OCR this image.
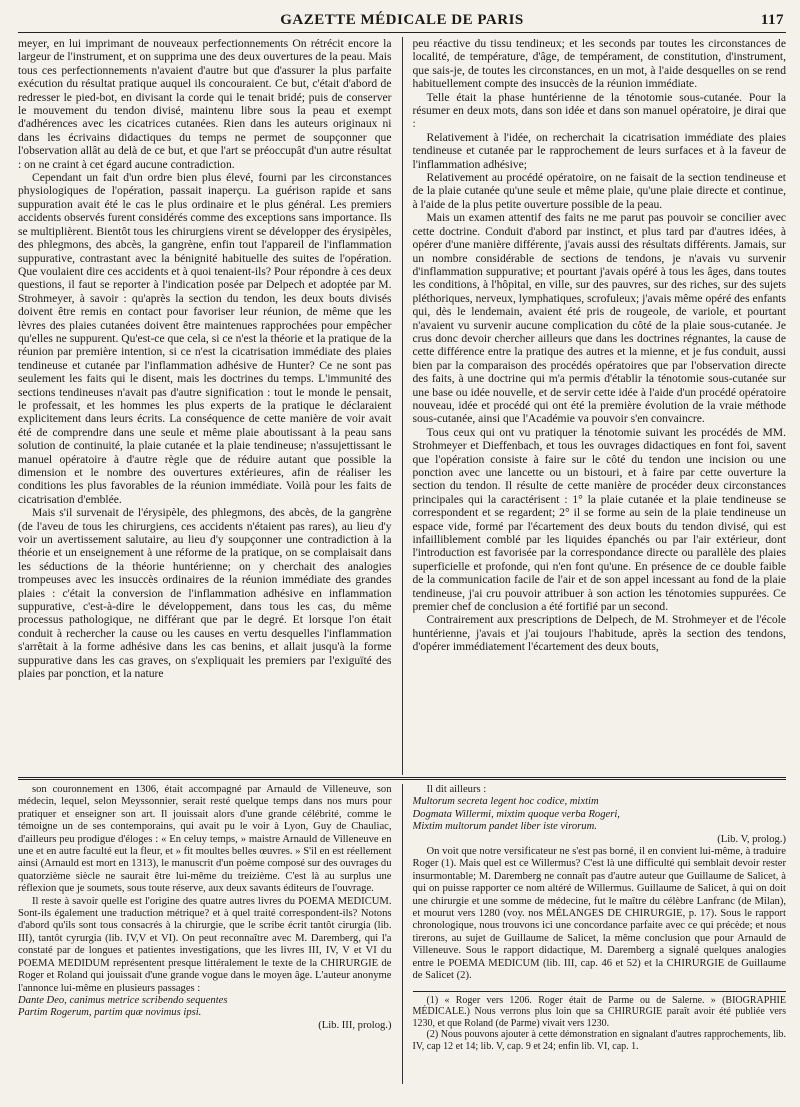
GAZETTE MÉDICALE DE PARIS	117

meyer, en lui imprimant de nouveaux perfectionnements On rétrécit encore la largeur de l'instrument, et on supprima une des deux ouvertures de la peau. Mais tous ces perfectionnements n'avaient d'autre but que d'assurer la plus parfaite exécution du résultat pratique auquel ils concouraient. Ce but, c'était d'abord de redresser le pied-bot, en divisant la corde qui le tenait bridé; puis de conserver le mouvement du tendon divisé, maintenu libre sous la peau et exempt d'adhérences avec les cicatrices cutanées. Rien dans les auteurs originaux ni dans les écrivains didactiques du temps ne permet de soupçonner que l'observation allât au delà de ce but, et que l'art se préoccupât d'un autre résultat : on ne craint à cet égard aucune contradiction.

Cependant un fait d'un ordre bien plus élevé, fourni par les circonstances physiologiques de l'opération, passait inaperçu. La guérison rapide et sans suppuration avait été le cas le plus ordinaire et le plus général. Les premiers accidents observés furent considérés comme des exceptions sans importance. Ils se multiplièrent. Bientôt tous les chirurgiens virent se développer des érysipèles, des phlegmons, des abcès, la gangrène, enfin tout l'appareil de l'inflammation suppurative, contrastant avec la bénignité habituelle des suites de l'opération. Que voulaient dire ces accidents et à quoi tenaient-ils? Pour répondre à ces deux questions, il faut se reporter à l'indication posée par Delpech et adoptée par M. Strohmeyer, à savoir : qu'après la section du tendon, les deux bouts divisés doivent être remis en contact pour favoriser leur réunion, de même que les lèvres des plaies cutanées doivent être maintenues rapprochées pour empêcher qu'elles ne suppurent. Qu'est-ce que cela, si ce n'est la théorie et la pratique de la réunion par première intention, si ce n'est la cicatrisation immédiate des plaies tendineuse et cutanée par l'inflammation adhésive de Hunter? Ce ne sont pas seulement les faits qui le disent, mais les doctrines du temps. L'immunité des sections tendineuses n'avait pas d'autre signification : tout le monde le pensait, le professait, et les hommes les plus experts de la pratique le déclaraient explicitement dans leurs écrits. La conséquence de cette manière de voir avait été de comprendre dans une seule et même plaie aboutissant à la peau sans solution de continuité, la plaie cutanée et la plaie tendineuse; n'assujettissant le manuel opératoire à d'autre règle que de réduire autant que possible la dimension et le nombre des ouvertures extérieures, afin de réaliser les conditions les plus favorables de la réunion immédiate. Voilà pour les faits de cicatrisation d'emblée.

Mais s'il survenait de l'érysipèle, des phlegmons, des abcès, de la gangrène (de l'aveu de tous les chirurgiens, ces accidents n'étaient pas rares), au lieu d'y voir un avertissement salutaire, au lieu d'y soupçonner une contradiction à la théorie et un enseignement à une réforme de la pratique, on se complaisait dans les séductions de la théorie huntérienne; on y cherchait des analogies trompeuses avec les insuccès ordinaires de la réunion immédiate des grandes plaies : c'était la conversion de l'inflammation adhésive en inflammation suppurative, c'est-à-dire le développement, dans tous les cas, du même processus pathologique, ne différant que par le degré. Et lorsque l'on était conduit à rechercher la cause ou les causes en vertu desquelles l'inflammation s'arrêtait à la forme adhésive dans les cas benins, et allait jusqu'à la forme suppurative dans les cas graves, on s'expliquait les premiers par l'exiguïté des plaies par ponction, et la nature

peu réactive du tissu tendineux; et les seconds par toutes les circonstances de localité, de température, d'âge, de tempérament, de constitution, d'instrument, que sais-je, de toutes les circonstances, en un mot, à l'aide desquelles on se rend habituellement compte des insuccès de la réunion immédiate.

Telle était la phase huntérienne de la ténotomie sous-cutanée. Pour la résumer en deux mots, dans son idée et dans son manuel opératoire, je dirai que :

Relativement à l'idée, on recherchait la cicatrisation immédiate des plaies tendineuse et cutanée par le rapprochement de leurs surfaces et à la faveur de l'inflammation adhésive;

Relativement au procédé opératoire, on ne faisait de la section tendineuse et de la plaie cutanée qu'une seule et même plaie, qu'une plaie directe et continue, à l'aide de la plus petite ouverture possible de la peau.

Mais un examen attentif des faits ne me parut pas pouvoir se concilier avec cette doctrine. Conduit d'abord par instinct, et plus tard par d'autres idées, à opérer d'une manière différente, j'avais aussi des résultats différents. Jamais, sur un nombre considérable de sections de tendons, je n'avais vu survenir d'inflammation suppurative; et pourtant j'avais opéré à tous les âges, dans toutes les conditions, à l'hôpital, en ville, sur des pauvres, sur des riches, sur des sujets pléthoriques, nerveux, lymphatiques, scrofuleux; j'avais même opéré des enfants qui, dès le lendemain, avaient été pris de rougeole, de variole, et pourtant n'avaient vu survenir aucune complication du côté de la plaie sous-cutanée. Je crus donc devoir chercher ailleurs que dans les doctrines régnantes, la cause de cette différence entre la pratique des autres et la mienne, et je fus conduit, aussi bien par la comparaison des procédés opératoires que par l'observation directe des faits, à une doctrine qui m'a permis d'établir la ténotomie sous-cutanée sur une base ou idée nouvelle, et de servir cette idée à l'aide d'un procédé opératoire nouveau, idée et procédé qui ont été la première évolution de la vraie méthode sous-cutanée, ainsi que l'Académie va pouvoir s'en convaincre.

Tous ceux qui ont vu pratiquer la ténotomie suivant les procédés de MM. Strohmeyer et Dieffenbach, et tous les ouvrages didactiques en font foi, savent que l'opération consiste à faire sur le côté du tendon une incision ou une ponction avec une lancette ou un bistouri, et à faire par cette ouverture la section du tendon. Il résulte de cette manière de procéder deux circonstances principales qui la caractérisent : 1° la plaie cutanée et la plaie tendineuse se correspondent et se regardent; 2° il se forme au sein de la plaie tendineuse un espace vide, formé par l'écartement des deux bouts du tendon divisé, qui est infailliblement comblé par les liquides épanchés ou par l'air extérieur, dont l'introduction est favorisée par la correspondance directe ou parallèle des plaies superficielle et profonde, qui n'en font qu'une. En présence de ce double faible de la communication facile de l'air et de son appel incessant au fond de la plaie tendineuse, j'ai cru pouvoir attribuer à son action les ténotomies suppurées. Ce premier chef de conclusion a été fortifié par un second.

Contrairement aux prescriptions de Delpech, de M. Strohmeyer et de l'école huntérienne, j'avais et j'ai toujours l'habitude, après la section des tendons, d'opérer immédiatement l'écartement des deux bouts,

son couronnement en 1306, était accompagné par Arnauld de Villeneuve, son médecin, lequel, selon Meyssonnier, serait resté quelque temps dans nos murs pour pratiquer et enseigner son art. Il jouissait alors d'une grande célébrité, comme le témoigne un de ses contemporains, qui avait pu le voir à Lyon, Guy de Chauliac, d'ailleurs peu prodigue d'éloges : « En celuy temps, » maistre Arnauld de Villeneuve en une et en autre faculté eut la fleur, et » fit moultes belles œuvres. » S'il en est réellement ainsi (Arnauld est mort en 1313), le manuscrit d'un poème composé sur des ouvrages du quatorzième siècle ne saurait être lui-même du treizième. C'est là au surplus une réflexion que je soumets, sous toute réserve, aux deux savants éditeurs de l'ouvrage.

Il reste à savoir quelle est l'origine des quatre autres livres du POEMA MEDICUM. Sont-ils également une traduction métrique? et à quel traité correspondent-ils? Notons d'abord qu'ils sont tous consacrés à la chirurgie, que le scribe écrit tantôt cirurgia (lib. III), tantôt cyrurgia (lib. IV,V et VI). On peut reconnaître avec M. Daremberg, qui l'a constaté par de longues et patientes investigations, que les livres III, IV, V et VI du POEMA MEDIDUM représentent presque littéralement le texte de la CHIRURGIE de Roger et Roland qui jouissait d'une grande vogue dans le moyen âge. L'auteur anonyme l'annonce lui-même en plusieurs passages :

Dante Deo, canimus metrice scribendo sequentes

Partim Rogerum, partim quæ novimus ipsi.

(Lib. III, prolog.)

Il dit ailleurs :

Multorum secreta legent hoc codice, mixtim

Dogmata Willermi, mixtim quoque verba Rogeri,

Mixtim multorum pandet liber iste virorum.

(Lib. V, prolog.)

On voit que notre versificateur ne s'est pas borné, il en convient lui-même, à traduire Roger (1). Mais quel est ce Willermus? C'est là une difficulté qui semblait devoir rester insurmontable; M. Daremberg ne connaît pas d'autre auteur que Guillaume de Salicet, à qui on puisse rapporter ce nom altéré de Willermus. Guillaume de Salicet, à qui on doit une chirurgie et une somme de médecine, fut le maître du célèbre Lanfranc (de Milan), et mourut vers 1280 (voy. nos MÉLANGES DE CHIRURGIE, p. 17). Sous le rapport chronologique, nous trouvons ici une concordance parfaite avec ce qui précède; et nous tirerons, au sujet de Guillaume de Salicet, la même conclusion que pour Arnauld de Villeneuve. Sous le rapport didactique, M. Daremberg a signalé quelques analogies entre le POEMA MEDICUM (lib. III, cap. 46 et 52) et la CHIRURGIE de Guillaume de Salicet (2).

(1) « Roger vers 1206. Roger était de Parme ou de Salerne. » (BIOGRAPHIE MÉDICALE.) Nous verrons plus loin que sa CHIRURGIE paraît avoir été publiée vers 1230, et que Roland (de Parme) vivait vers 1230.

(2) Nous pouvons ajouter à cette démonstration en signalant d'autres rapprochements, lib. IV, cap 12 et 14; lib. V, cap. 9 et 24; enfin lib. VI, cap. 1.
